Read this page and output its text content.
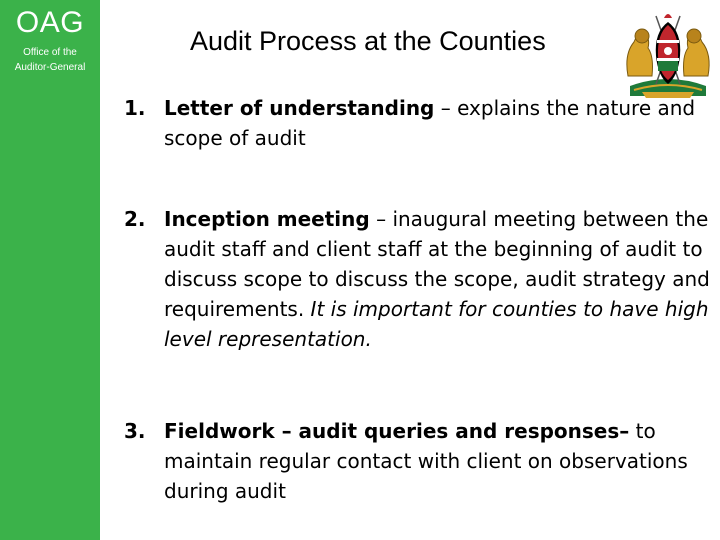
OAG
Office of the
Auditor-General
Audit Process at the Counties
1. Letter of understanding – explains the nature and scope of audit
2. Inception meeting – inaugural meeting between the audit staff and client staff at the beginning of audit to discuss scope to discuss the scope, audit strategy and requirements. It is important for counties to have high level representation.
3. Fieldwork – audit queries and responses– to maintain regular contact with client on observations during audit
